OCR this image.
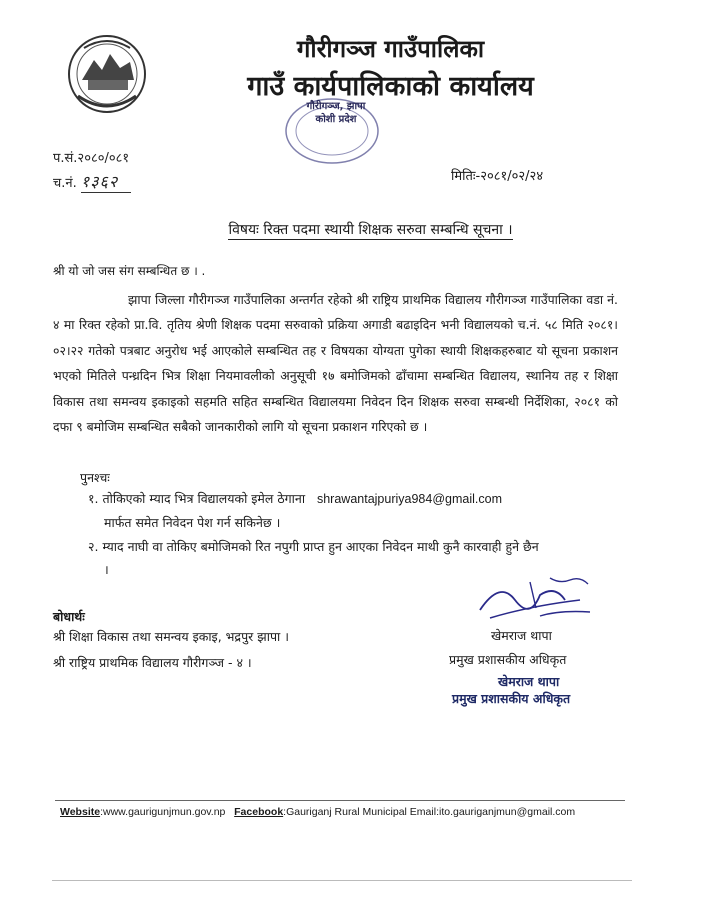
गौरीगञ्ज गाउँपालिका
गाउँ कार्यपालिकाको कार्यालय
गौरीगञ्ज, झापा
कोशी प्रदेश
प.सं.२०८०/०८१
च.नं. १३६२	मितिः-२०८१/०२/२४
विषयः रिक्त पदमा स्थायी शिक्षक सरुवा सम्बन्धि सूचना ।
श्री यो जो जस संग सम्बन्धित छ । .
झापा जिल्ला गौरीगञ्ज गाउँपालिका अन्तर्गत रहेको श्री राष्ट्रिय प्राथमिक विद्यालय गौरीगञ्ज गाउँपालिका वडा नं. ४ मा रिक्त रहेको प्रा.वि. तृतिय श्रेणी शिक्षक पदमा सरुवाको प्रक्रिया अगाडी बढाइदिन भनी विद्यालयको च.नं. ५८ मिति २०८१।०२।२२ गतेको पत्रबाट अनुरोध भई आएकोले सम्बन्धित तह र विषयका योग्यता पुगेका स्थायी शिक्षकहरुबाट यो सूचना प्रकाशन भएको मितिले पन्ध्रदिन भित्र शिक्षा नियमावलीको अनुसूची १७ बमोजिमको ढाँचामा सम्बन्धित विद्यालय, स्थानिय तह र शिक्षा विकास तथा समन्वय इकाइको सहमति सहित सम्बन्धित विद्यालयमा निवेदन दिन शिक्षक सरुवा सम्बन्धी निर्देशिका, २०८१ को दफा ९ बमोजिम सम्बन्धित सबैको जानकारीको लागि यो सूचना प्रकाशन गरिएको छ ।
पुनश्चः
१. तोकिएको म्याद भित्र विद्यालयको इमेल ठेगाना shrawantajpuriya984@gmail.com
मार्फत समेत निवेदन पेश गर्न सकिनेछ ।
२. म्याद नाघी वा तोकिए बमोजिमको रित नपुगी प्राप्त हुन आएका निवेदन माथी कुनै कारवाही हुने छैन
।
बोधार्थः
श्री शिक्षा विकास तथा समन्वय इकाइ, भद्रपुर झापा ।
श्री राष्ट्रिय प्राथमिक विद्यालय गौरीगञ्ज - ४ ।
खेमराज थापा
प्रमुख प्रशासकीय अधिकृत
खेमराज थापा
प्रमुख प्रशासकीय अधिकृत
Website:www.gaurigunjmun.gov.np Facebook:Gauriganj Rural Municipal Email:ito.gauriganjmun@gmail.com
